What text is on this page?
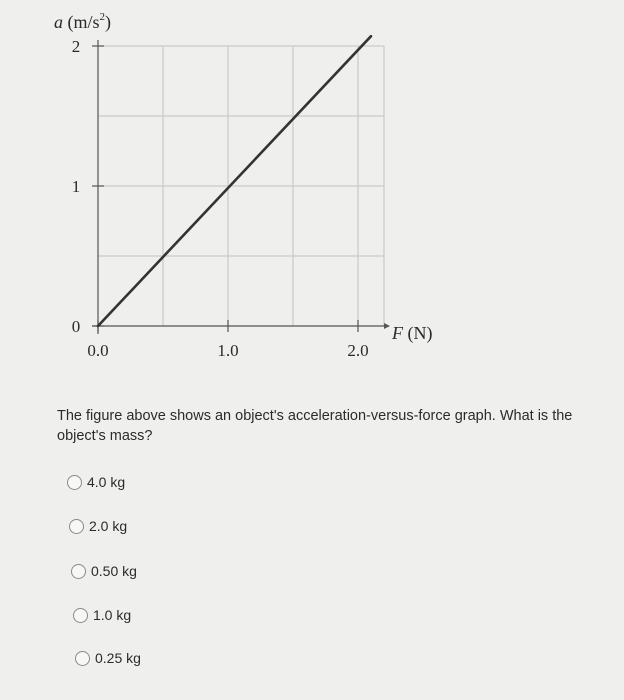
0
1
2
0.0	1.0	2.0
a $(m/s^2)$
F (N)

The figure above shows an object's acceleration-versus-force graph. What is the object's mass?

4.0 kg
2.0 kg
0.50 kg
1.0 kg
0.25 kg
